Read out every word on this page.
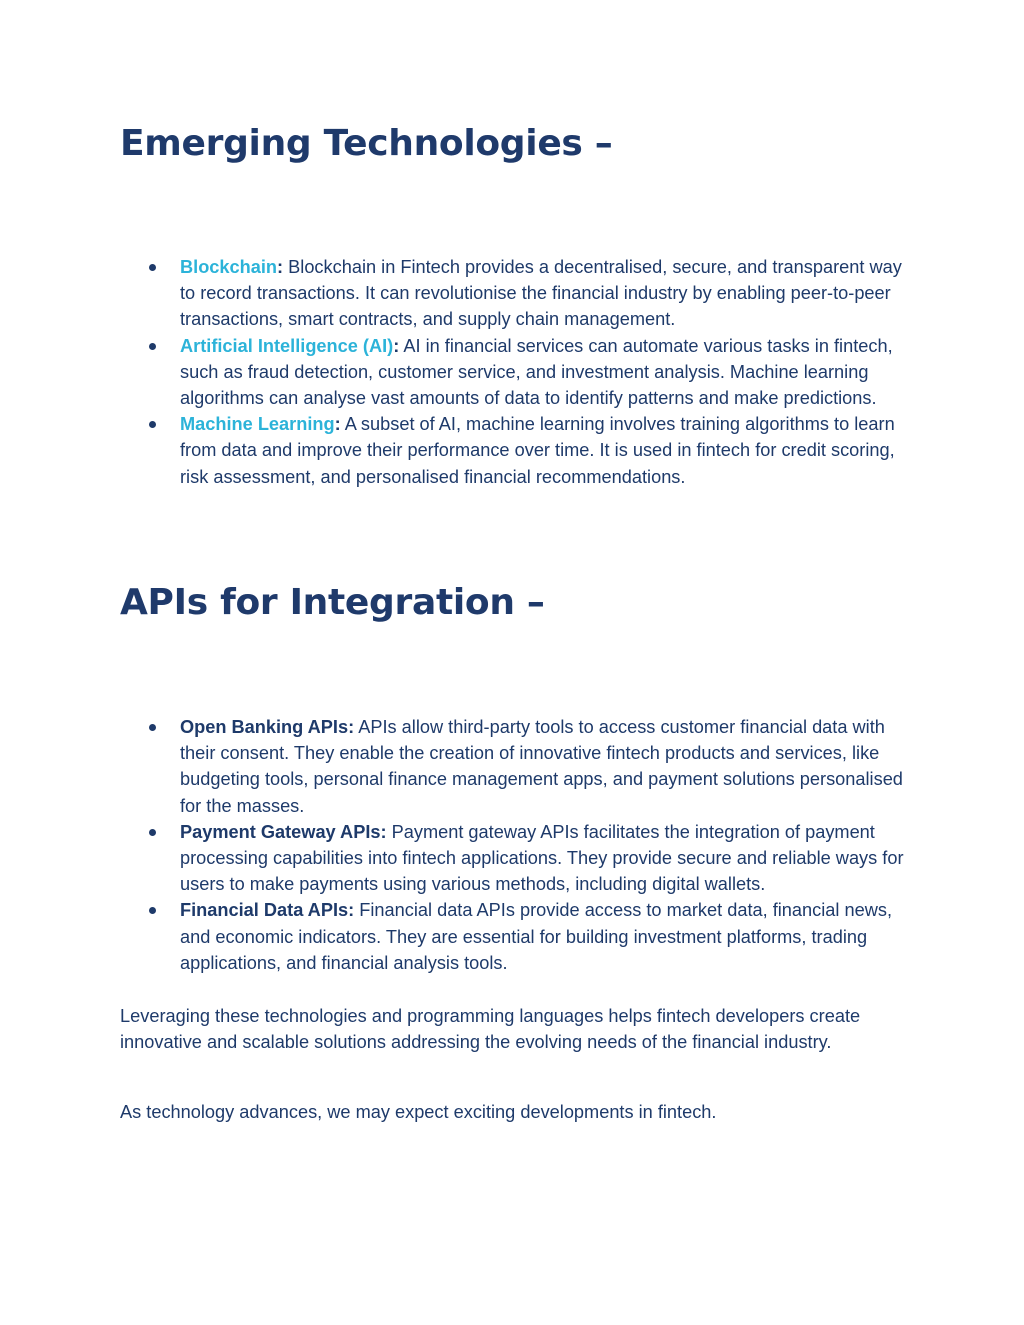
Emerging Technologies –
Blockchain: Blockchain in Fintech provides a decentralised, secure, and transparent way to record transactions. It can revolutionise the financial industry by enabling peer-to-peer transactions, smart contracts, and supply chain management.
Artificial Intelligence (AI): AI in financial services can automate various tasks in fintech, such as fraud detection, customer service, and investment analysis. Machine learning algorithms can analyse vast amounts of data to identify patterns and make predictions.
Machine Learning: A subset of AI, machine learning involves training algorithms to learn from data and improve their performance over time. It is used in fintech for credit scoring, risk assessment, and personalised financial recommendations.
APIs for Integration –
Open Banking APIs: APIs allow third-party tools to access customer financial data with their consent. They enable the creation of innovative fintech products and services, like budgeting tools, personal finance management apps, and payment solutions personalised for the masses.
Payment Gateway APIs: Payment gateway APIs facilitates the integration of payment processing capabilities into fintech applications. They provide secure and reliable ways for users to make payments using various methods, including digital wallets.
Financial Data APIs: Financial data APIs provide access to market data, financial news, and economic indicators. They are essential for building investment platforms, trading applications, and financial analysis tools.

Leveraging these technologies and programming languages helps fintech developers create innovative and scalable solutions addressing the evolving needs of the financial industry.

As technology advances, we may expect exciting developments in fintech.
